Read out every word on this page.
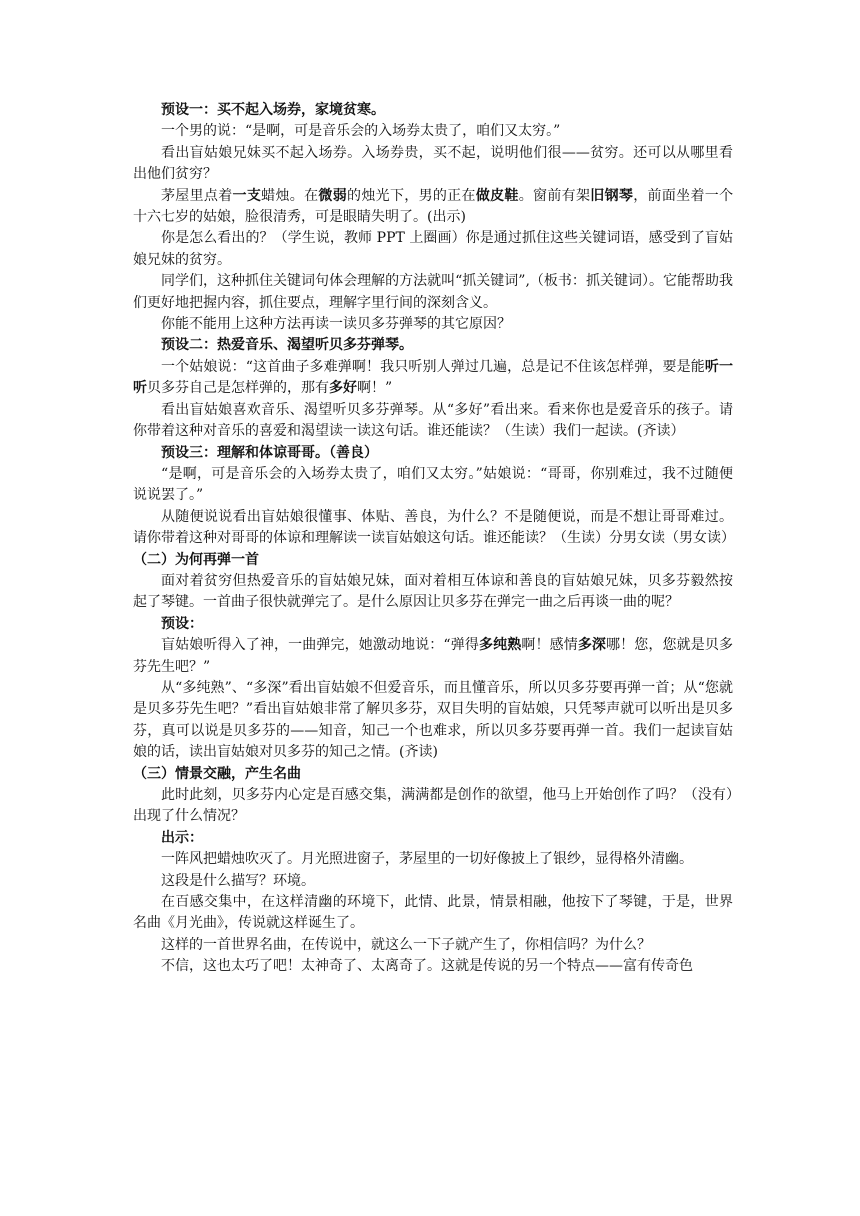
预设一：买不起入场券，家境贫寒。

一个男的说：“是啊，可是音乐会的入场券太贵了，咱们又太穷。”

看出盲姑娘兄妹买不起入场券。入场券贵，买不起，说明他们很——贫穷。还可以从哪里看出他们贫穷？

茅屋里点着一支蜡烛。在微弱的烛光下，男的正在做皮鞋。窗前有架旧钢琴，前面坐着一个十六七岁的姑娘，脸很清秀，可是眼睛失明了。(出示)

你是怎么看出的？（学生说，教师 PPT 上圈画）你是通过抓住这些关键词语，感受到了盲姑娘兄妹的贫穷。

同学们，这种抓住关键词句体会理解的方法就叫“抓关键词”,（板书：抓关键词）。它能帮助我们更好地把握内容，抓住要点，理解字里行间的深刻含义。

你能不能用上这种方法再读一读贝多芬弹琴的其它原因？

预设二：热爱音乐、渴望听贝多芬弹琴。

一个姑娘说：“这首曲子多难弹啊！我只听别人弹过几遍，总是记不住该怎样弹，要是能听一听贝多芬自己是怎样弹的，那有多好啊！”

看出盲姑娘喜欢音乐、渴望听贝多芬弹琴。从“多好”看出来。看来你也是爱音乐的孩子。请你带着这种对音乐的喜爱和渴望读一读这句话。谁还能读？（生读）我们一起读。(齐读）

预设三：理解和体谅哥哥。（善良）

“是啊，可是音乐会的入场券太贵了，咱们又太穷。”姑娘说：“哥哥，你别难过，我不过随便说说罢了。”

从随便说说看出盲姑娘很懂事、体贴、善良，为什么？不是随便说，而是不想让哥哥难过。请你带着这种对哥哥的体谅和理解读一读盲姑娘这句话。谁还能读？（生读）分男女读（男女读）

（二）为何再弹一首

面对着贫穷但热爱音乐的盲姑娘兄妹，面对着相互体谅和善良的盲姑娘兄妹，贝多芬毅然按起了琴键。一首曲子很快就弹完了。是什么原因让贝多芬在弹完一曲之后再谈一曲的呢？

预设：

盲姑娘听得入了神，一曲弹完，她激动地说：“弹得多纯熟啊！感情多深哪！您，您就是贝多芬先生吧？”

从“多纯熟”、“多深”看出盲姑娘不但爱音乐，而且懂音乐，所以贝多芬要再弹一首；从“您就是贝多芬先生吧？”看出盲姑娘非常了解贝多芬，双目失明的盲姑娘，只凭琴声就可以听出是贝多芬，真可以说是贝多芬的——知音，知己一个也难求，所以贝多芬要再弹一首。我们一起读盲姑娘的话，读出盲姑娘对贝多芬的知己之情。(齐读)

（三）情景交融，产生名曲

此时此刻，贝多芬内心定是百感交集，满满都是创作的欲望，他马上开始创作了吗？（没有）出现了什么情况？

出示：

一阵风把蜡烛吹灭了。月光照进窗子，茅屋里的一切好像披上了银纱，显得格外清幽。

这段是什么描写？环境。

在百感交集中，在这样清幽的环境下，此情、此景，情景相融，他按下了琴键，于是，世界名曲《月光曲》，传说就这样诞生了。

这样的一首世界名曲，在传说中，就这么一下子就产生了，你相信吗？为什么？

不信，这也太巧了吧！太神奇了、太离奇了。这就是传说的另一个特点——富有传奇色
